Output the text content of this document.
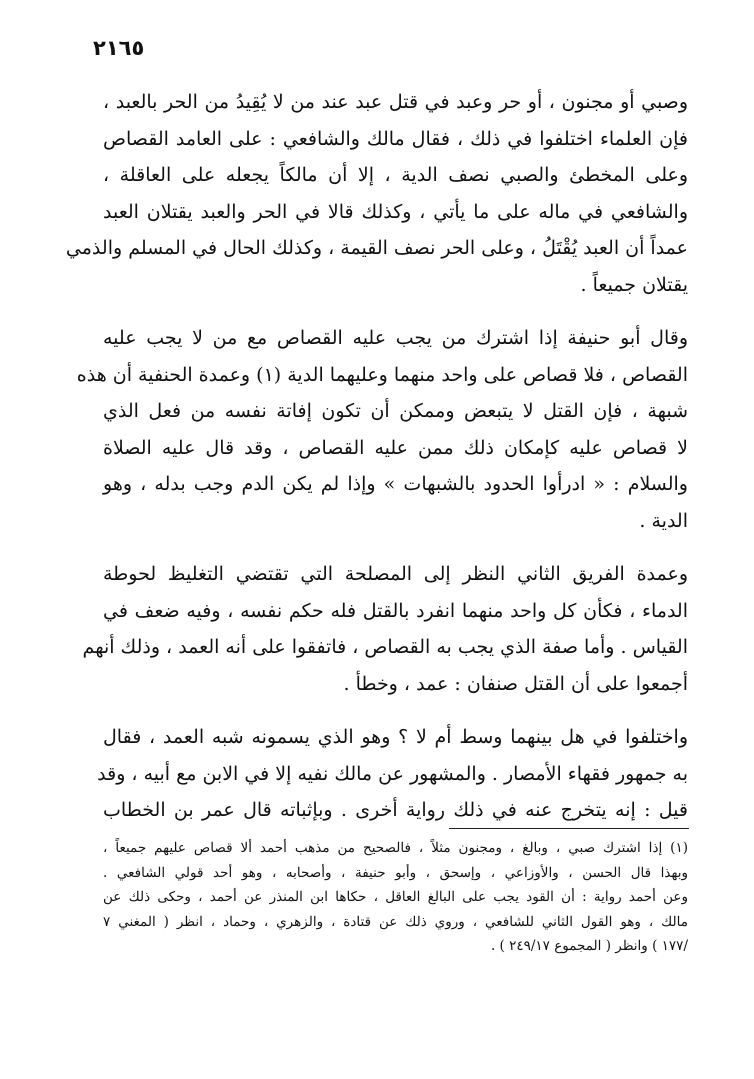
٢١٦٥
وصبي أو مجنون ، أو حر وعبد في قتل عبد عند من لا يُقِيدُ من الحر بالعبد ،
فإن العلماء اختلفوا في ذلك ، فقال مالك والشافعي : على العامد القصاص
وعلى المخطئ والصبي نصف الدية ، إلا أن مالكاً يجعله على العاقلة ،
والشافعي في ماله على ما يأتي ، وكذلك قالا في الحر والعبد يقتلان العبد
عمداً أن العبد يُقْتَلُ ، وعلى الحر نصف القيمة ، وكذلك الحال في المسلم والذمي
يقتلان جميعاً .
وقال أبو حنيفة إذا اشترك من يجب عليه القصاص مع من لا يجب عليه
القصاص ، فلا قصاص على واحد منهما وعليهما الدية (١) وعمدة الحنفية أن هذه
شبهة ، فإن القتل لا يتبعض وممكن أن تكون إفاتة نفسه من فعل الذي
لا قصاص عليه كإمكان ذلك ممن عليه القصاص ، وقد قال عليه الصلاة
والسلام : « ادرأوا الحدود بالشبهات » وإذا لم يكن الدم وجب بدله ، وهو
الدية .
وعمدة الفريق الثاني النظر إلى المصلحة التي تقتضي التغليظ لحوطة
الدماء ، فكأن كل واحد منهما انفرد بالقتل فله حكم نفسه ، وفيه ضعف في
القياس . وأما صفة الذي يجب به القصاص ، فاتفقوا على أنه العمد ، وذلك أنهم
أجمعوا على أن القتل صنفان : عمد ، وخطأ .
واختلفوا في هل بينهما وسط أم لا ؟ وهو الذي يسمونه شبه العمد ، فقال
به جمهور فقهاء الأمصار . والمشهور عن مالك نفيه إلا في الابن مع أبيه ، وقد
قيل : إنه يتخرج عنه في ذلك رواية أخرى . وبإثباته قال عمر بن الخطاب
(١) إذا اشترك صبي ، وبالغ ، ومجنون مثلاً ، فالصحيح من مذهب أحمد ألا قصاص عليهم جميعاً ،
وبهذا قال الحسن ، والأوزاعي ، وإسحق ، وأبو حنيفة ، وأصحابه ، وهو أحد قولي الشافعي .
وعن أحمد رواية : أن القود يجب على البالغ العاقل ، حكاها ابن المنذر عن أحمد ، وحكى ذلك عن
مالك ، وهو القول الثاني للشافعي ، وروي ذلك عن قتادة ، والزهري ، وحماد ، انظر ( المغني ٧
/١٧٧ ) وانظر ( المجموع ٢٤٩/١٧ ) .
